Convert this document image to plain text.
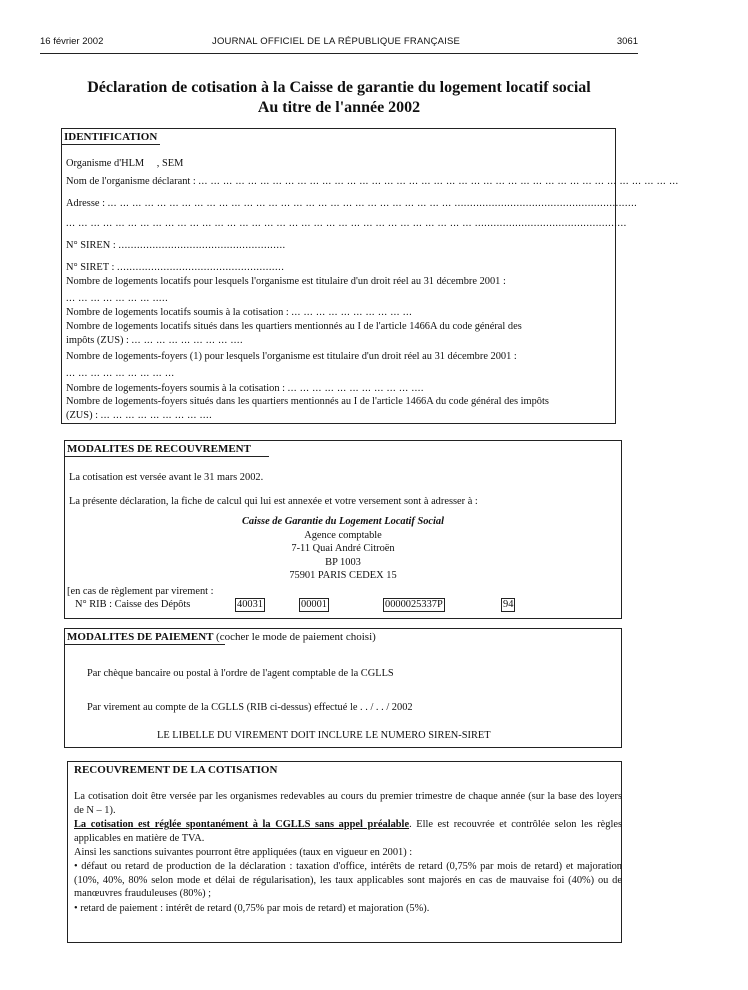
16 février 2002	JOURNAL OFFICIEL DE LA RÉPUBLIQUE FRANÇAISE	3061
Déclaration de cotisation à la Caisse de garantie du logement locatif social
Au titre de l'année 2002
IDENTIFICATION
Organisme d'HLM , SEM
Nom de l'organisme déclarant : ... ... ... ... ... ... ... ... ... ... ... ... ... ... ... ... ... ... ... ... ... ... ... ... ... ... ... ... ... ... ... ... ... ... ... ... ... ... ...
Adresse : ... ... ... ... ... ... ... ... ... ... ... ... ... ... ... ... ... ... ... ... ... ... ... ... ... ... ... ... ...........................................................
... ... ... ... ... ... ... ... ... ... ... ... ... ... ... ... ... ... ... ... ... ... ... ... ... ... ... ... ... ... ... ... ... .................................................
N° SIREN : ......................................................
N° SIRET : ......................................................
Nombre de logements locatifs pour lesquels l'organisme est titulaire d'un droit réel au 31 décembre 2001 :
... ... ... ... ... ... ... .....
Nombre de logements locatifs soumis à la cotisation : ... ... ... ... ... ... ... ... ... ...
Nombre de logements locatifs situés dans les quartiers mentionnés au I de l'article 1466A du code général des
impôts (ZUS) : ... ... ... ... ... ... ... ... ....
Nombre de logements-foyers (1) pour lesquels l'organisme est titulaire d'un droit réel au 31 décembre 2001 :
... ... ... ... ... ... ... ... ...
Nombre de logements-foyers soumis à la cotisation : ... ... ... ... ... ... ... ... ... ... ....
Nombre de logements-foyers situés dans les quartiers mentionnés au I de l'article 1466A du code général des impôts
(ZUS) : ... ... ... ... ... ... ... ... ....
MODALITES DE RECOUVREMENT
La cotisation est versée avant le 31 mars 2002.
La présente déclaration, la fiche de calcul qui lui est annexée et votre versement sont à adresser à :
Caisse de Garantie du Logement Locatif Social
Agence comptable
7-11 Quai André Citroën
BP 1003
75901 PARIS CEDEX 15
[en cas de règlement par virement :
N° RIB : Caisse des Dépôts	40031	00001	0000025337P	94
MODALITES DE PAIEMENT (cocher le mode de paiement choisi)
Par chèque bancaire ou postal à l'ordre de l'agent comptable de la CGLLS
Par virement au compte de la CGLLS (RIB ci-dessus) effectué le . . / . . / 2002
LE LIBELLE DU VIREMENT DOIT INCLURE LE NUMERO SIREN-SIRET
RECOUVREMENT DE LA COTISATION
La cotisation doit être versée par les organismes redevables au cours du premier trimestre de chaque année (sur la base des loyers de N – 1).
La cotisation est réglée spontanément à la CGLLS sans appel préalable. Elle est recouvrée et contrôlée selon les règles applicables en matière de TVA.
Ainsi les sanctions suivantes pourront être appliquées (taux en vigueur en 2001) :
• défaut ou retard de production de la déclaration : taxation d'office, intérêts de retard (0,75% par mois de retard) et majoration (10%, 40%, 80% selon mode et délai de régularisation), les taux applicables sont majorés en cas de mauvaise foi (40%) ou de manœuvres frauduleuses (80%) ;
• retard de paiement : intérêt de retard (0,75% par mois de retard) et majoration (5%).
